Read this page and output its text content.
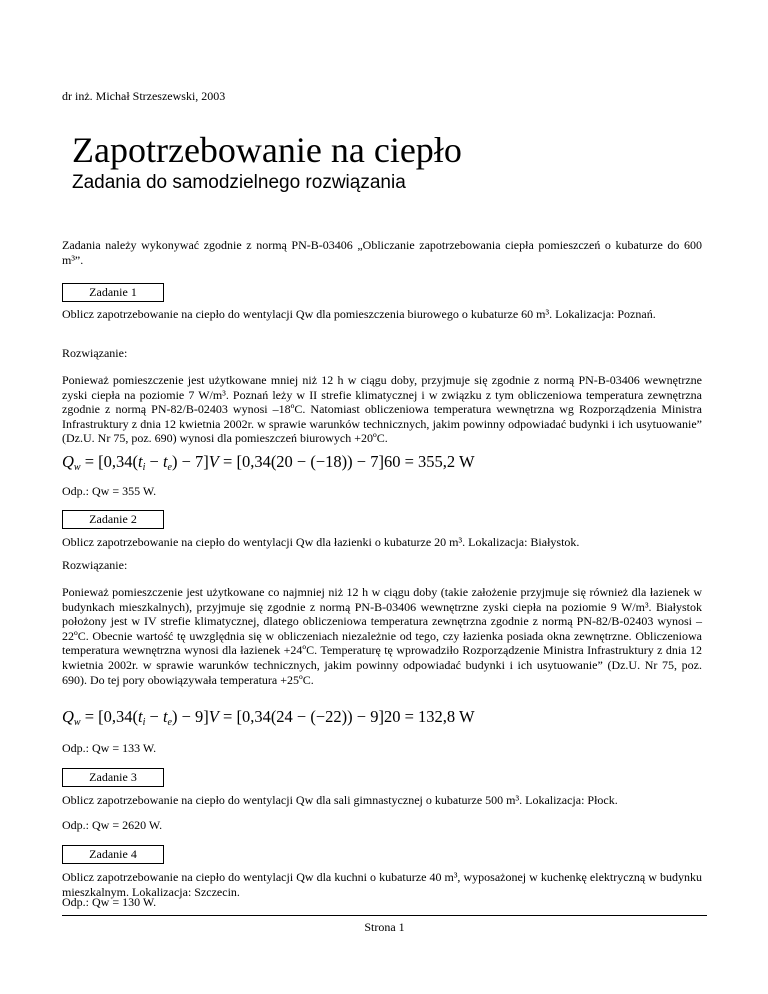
dr inż. Michał Strzeszewski, 2003
Zapotrzebowanie na ciepło
Zadania do samodzielnego rozwiązania

Zadania należy wykonywać zgodnie z normą PN-B-03406 „Obliczanie zapotrzebowania ciepła pomieszczeń o kubaturze do 600 m³”.

Zadanie 1

Oblicz zapotrzebowanie na ciepło do wentylacji Qw dla pomieszczenia biurowego o kubaturze 60 m³. Lokalizacja: Poznań.

Rozwiązanie:

Ponieważ pomieszczenie jest użytkowane mniej niż 12 h w ciągu doby, przyjmuje się zgodnie z normą PN-B-03406 wewnętrzne zyski ciepła na poziomie 7 W/m³. Poznań leży w II strefie klimatycznej i w związku z tym obliczeniowa temperatura zewnętrzna zgodnie z normą PN-82/B-02403 wynosi –18ºC. Natomiast obliczeniowa temperatura wewnętrzna wg Rozporządzenia Ministra Infrastruktury z dnia 12 kwietnia 2002r. w sprawie warunków technicznych, jakim powinny odpowiadać budynki i ich usytuowanie” (Dz.U. Nr 75, poz. 690) wynosi dla pomieszczeń biurowych +20ºC.

$Q_w = [0,34(t_i - t_e) - 7]V = [0,34(20 - (-18)) - 7]60 = 355,2$ W
Odp.: Qw = 355 W.
Zadanie 2

Oblicz zapotrzebowanie na ciepło do wentylacji Qw dla łazienki o kubaturze 20 m³. Lokalizacja: Białystok.

Rozwiązanie:

Ponieważ pomieszczenie jest użytkowane co najmniej niż 12 h w ciągu doby (takie założenie przyjmuje się również dla łazienek w budynkach mieszkalnych), przyjmuje się zgodnie z normą PN-B-03406 wewnętrzne zyski ciepła na poziomie 9 W/m³. Białystok położony jest w IV strefie klimatycznej, dlatego obliczeniowa temperatura zewnętrzna zgodnie z normą PN-82/B-02403 wynosi –22ºC. Obecnie wartość tę uwzględnia się w obliczeniach niezależnie od tego, czy łazienka posiada okna zewnętrzne. Obliczeniowa temperatura wewnętrzna wynosi dla łazienek +24ºC. Temperaturę tę wprowadziło Rozporządzenie Ministra Infrastruktury z dnia 12 kwietnia 2002r. w sprawie warunków technicznych, jakim powinny odpowiadać budynki i ich usytuowanie” (Dz.U. Nr 75, poz. 690). Do tej pory obowiązywała temperatura +25ºC.

$Q_w = [0,34(t_i - t_e) - 9]V = [0,34(24 - (-22)) - 9]20 = 132,8$ W
Odp.: Qw = 133 W.
Zadanie 3

Oblicz zapotrzebowanie na ciepło do wentylacji Qw dla sali gimnastycznej o kubaturze 500 m³. Lokalizacja: Płock.

Odp.: Qw = 2620 W.
Zadanie 4

Oblicz zapotrzebowanie na ciepło do wentylacji Qw dla kuchni o kubaturze 40 m³, wyposażonej w kuchenkę elektryczną w budynku mieszkalnym. Lokalizacja: Szczecin.

Odp.: Qw = 130 W.
Strona 1
